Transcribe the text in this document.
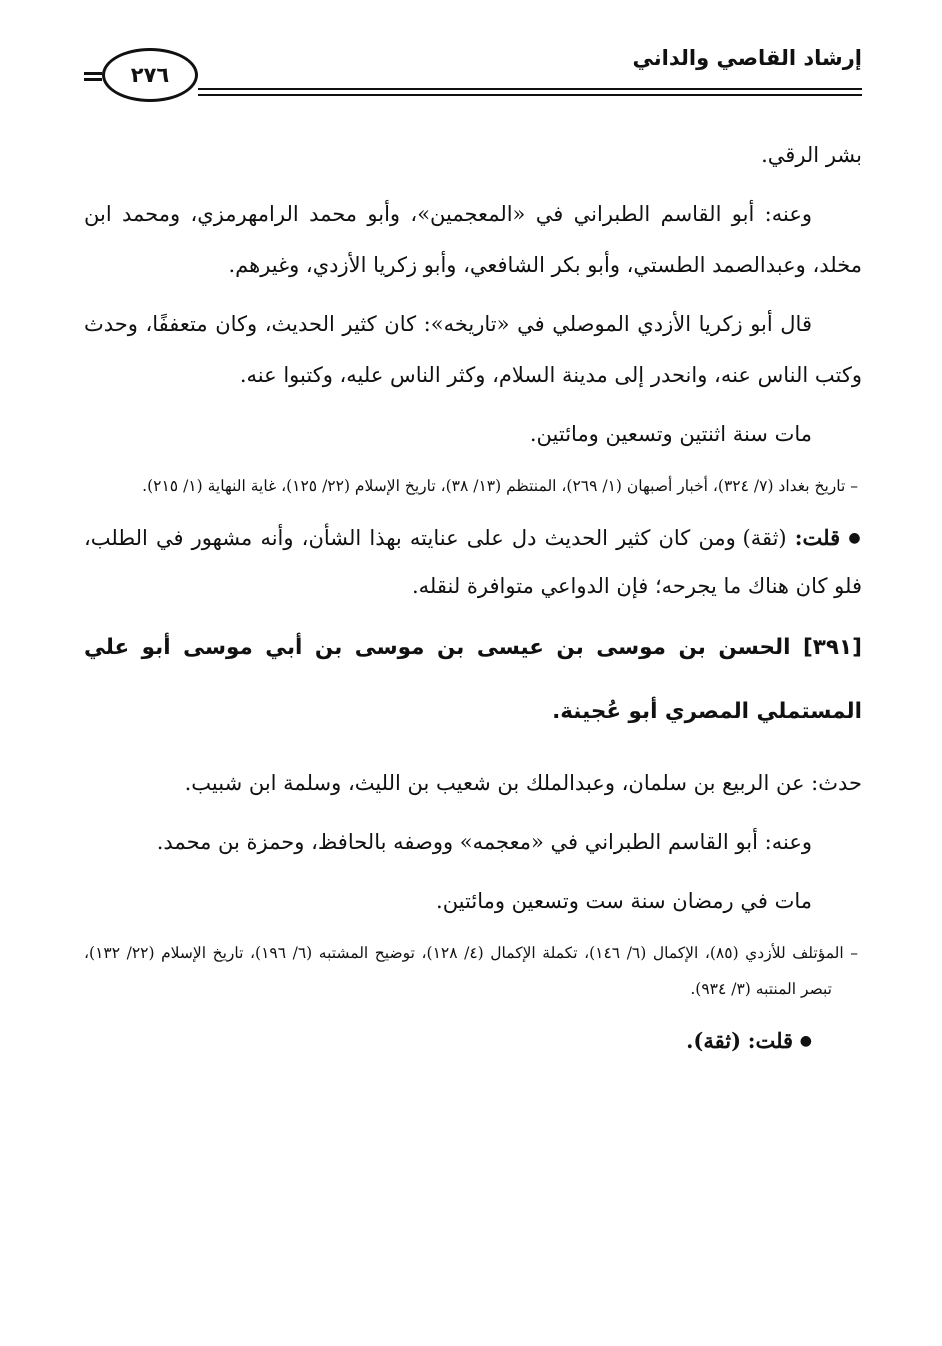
إرشاد القاصي والداني
٢٧٦

بشر الرقي.

وعنه: أبو القاسم الطبراني في «المعجمين»، وأبو محمد الرامهرمزي، ومحمد ابن مخلد، وعبدالصمد الطستي، وأبو بكر الشافعي، وأبو زكريا الأزدي، وغيرهم.

قال أبو زكريا الأزدي الموصلي في «تاريخه»: كان كثير الحديث، وكان متعففًا، وحدث وكتب الناس عنه، وانحدر إلى مدينة السلام، وكثر الناس عليه، وكتبوا عنه.

مات سنة اثنتين وتسعين ومائتين.

– تاريخ بغداد (٧/ ٣٢٤)، أخبار أصبهان (١/ ٢٦٩)، المنتظم (١٣/ ٣٨)، تاريخ الإسلام (٢٢/ ١٢٥)، غاية النهاية (١/ ٢١٥).

● قلت: (ثقة) ومن كان كثير الحديث دل على عنايته بهذا الشأن، وأنه مشهور في الطلب، فلو كان هناك ما يجرحه؛ فإن الدواعي متوافرة لنقله.

[٣٩١] الحسن بن موسى بن عيسى بن موسى بن أبي موسى أبو علي المستملي المصري أبو عُجينة.

حدث: عن الربيع بن سلمان، وعبدالملك بن شعيب بن الليث، وسلمة ابن شبيب.

وعنه: أبو القاسم الطبراني في «معجمه» ووصفه بالحافظ، وحمزة بن محمد.

مات في رمضان سنة ست وتسعين ومائتين.

– المؤتلف للأزدي (٨٥)، الإكمال (٦/ ١٤٦)، تكملة الإكمال (٤/ ١٢٨)، توضيح المشتبه (٦/ ١٩٦)، تاريخ الإسلام (٢٢/ ١٣٢)، تبصر المنتبه (٣/ ٩٣٤).

● قلت: (ثقة).
